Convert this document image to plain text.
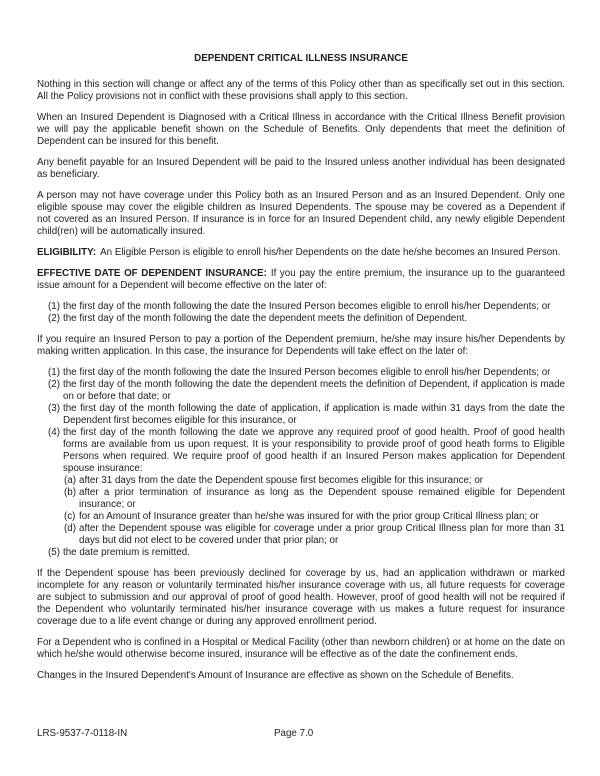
DEPENDENT CRITICAL ILLNESS INSURANCE
Nothing in this section will change or affect any of the terms of this Policy other than as specifically set out in this section. All the Policy provisions not in conflict with these provisions shall apply to this section.
When an Insured Dependent is Diagnosed with a Critical Illness in accordance with the Critical Illness Benefit provision we will pay the applicable benefit shown on the Schedule of Benefits. Only dependents that meet the definition of Dependent can be insured for this benefit.
Any benefit payable for an Insured Dependent will be paid to the Insured unless another individual has been designated as beneficiary.
A person may not have coverage under this Policy both as an Insured Person and as an Insured Dependent. Only one eligible spouse may cover the eligible children as Insured Dependents. The spouse may be covered as a Dependent if not covered as an Insured Person. If insurance is in force for an Insured Dependent child, any newly eligible Dependent child(ren) will be automatically insured.
ELIGIBILITY: An Eligible Person is eligible to enroll his/her Dependents on the date he/she becomes an Insured Person.
EFFECTIVE DATE OF DEPENDENT INSURANCE: If you pay the entire premium, the insurance up to the guaranteed issue amount for a Dependent will become effective on the later of:
(1) the first day of the month following the date the Insured Person becomes eligible to enroll his/her Dependents; or
(2) the first day of the month following the date the dependent meets the definition of Dependent.
If you require an Insured Person to pay a portion of the Dependent premium, he/she may insure his/her Dependents by making written application. In this case, the insurance for Dependents will take effect on the later of:
(1) the first day of the month following the date the Insured Person becomes eligible to enroll his/her Dependents; or
(2) the first day of the month following the date the dependent meets the definition of Dependent, if application is made on or before that date; or
(3) the first day of the month following the date of application, if application is made within 31 days from the date the Dependent first becomes eligible for this insurance, or
(4) the first day of the month following the date we approve any required proof of good health. Proof of good health forms are available from us upon request. It is your responsibility to provide proof of good heath forms to Eligible Persons when required. We require proof of good health if an Insured Person makes application for Dependent spouse insurance:
(a) after 31 days from the date the Dependent spouse first becomes eligible for this insurance; or
(b) after a prior termination of insurance as long as the Dependent spouse remained eligible for Dependent insurance; or
(c) for an Amount of Insurance greater than he/she was insured for with the prior group Critical Illness plan; or
(d) after the Dependent spouse was eligible for coverage under a prior group Critical Illness plan for more than 31 days but did not elect to be covered under that prior plan; or
(5) the date premium is remitted.
If the Dependent spouse has been previously declined for coverage by us, had an application withdrawn or marked incomplete for any reason or voluntarily terminated his/her insurance coverage with us, all future requests for coverage are subject to submission and our approval of proof of good health. However, proof of good health will not be required if the Dependent who voluntarily terminated his/her insurance coverage with us makes a future request for insurance coverage due to a life event change or during any approved enrollment period.
For a Dependent who is confined in a Hospital or Medical Facility (other than newborn children) or at home on the date on which he/she would otherwise become insured, insurance will be effective as of the date the confinement ends.
Changes in the Insured Dependent's Amount of Insurance are effective as shown on the Schedule of Benefits.
LRS-9537-7-0118-IN	Page 7.0
